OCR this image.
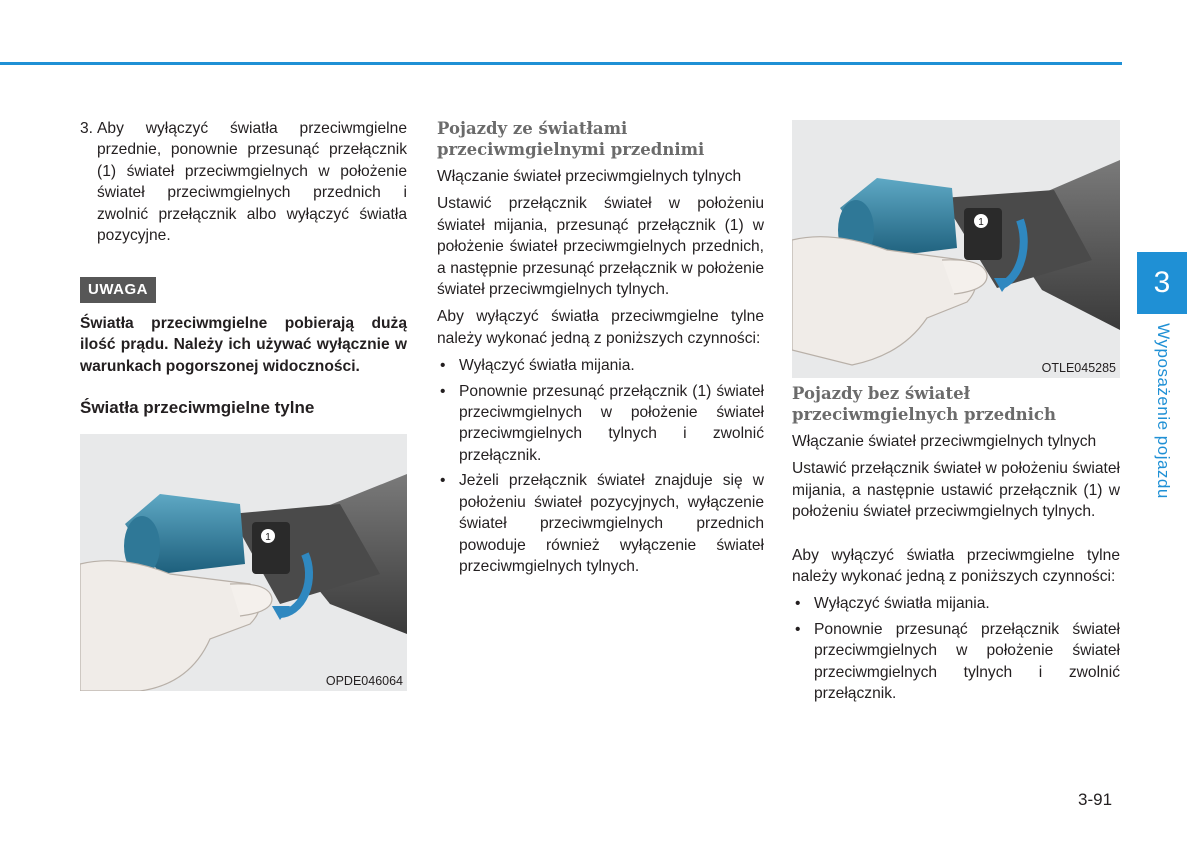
3. Aby wyłączyć światła przeciwmgielne przednie, ponownie przesunąć przełącznik (1) świateł przeciwmgielnych w położenie świateł przeciwmgielnych przednich i zwolnić przełącznik albo wyłączyć światła pozycyjne.
UWAGA
Światła przeciwmgielne pobierają dużą ilość prądu. Należy ich używać wyłącznie w warunkach pogorszonej widoczności.
Światła przeciwmgielne tylne
1
OPDE046064
Pojazdy ze światłami przeciwmgielnymi przednimi

Włączanie świateł przeciwmgielnych tylnych

Ustawić przełącznik świateł w położeniu świateł mijania, przesunąć przełącznik (1) w położenie świateł przeciwmgielnych przednich, a następnie przesunąć przełącznik w położenie świateł przeciwmgielnych tylnych.

Aby wyłączyć światła przeciwmgielne tylne należy wykonać jedną z poniższych czynności:

• Wyłączyć światła mijania.
• Ponownie przesunąć przełącznik (1) świateł przeciwmgielnych w położenie świateł przeciwmgielnych tylnych i zwolnić przełącznik.
• Jeżeli przełącznik świateł znajduje się w położeniu świateł pozycyjnych, wyłączenie świateł przeciwmgielnych przednich powoduje również wyłączenie świateł przeciwmgielnych tylnych.
1
OTLE045285
Pojazdy bez świateł przeciwmgielnych przednich

Włączanie świateł przeciwmgielnych tylnych

Ustawić przełącznik świateł w położeniu świateł mijania, a następnie ustawić przełącznik (1) w położeniu świateł przeciwmgielnych tylnych.

Aby wyłączyć światła przeciwmgielne tylne należy wykonać jedną z poniższych czynności:

• Wyłączyć światła mijania.
• Ponownie przesunąć przełącznik świateł przeciwmgielnych w położenie świateł przeciwmgielnych tylnych i zwolnić przełącznik.
3
Wyposażenie pojazdu
3-91
